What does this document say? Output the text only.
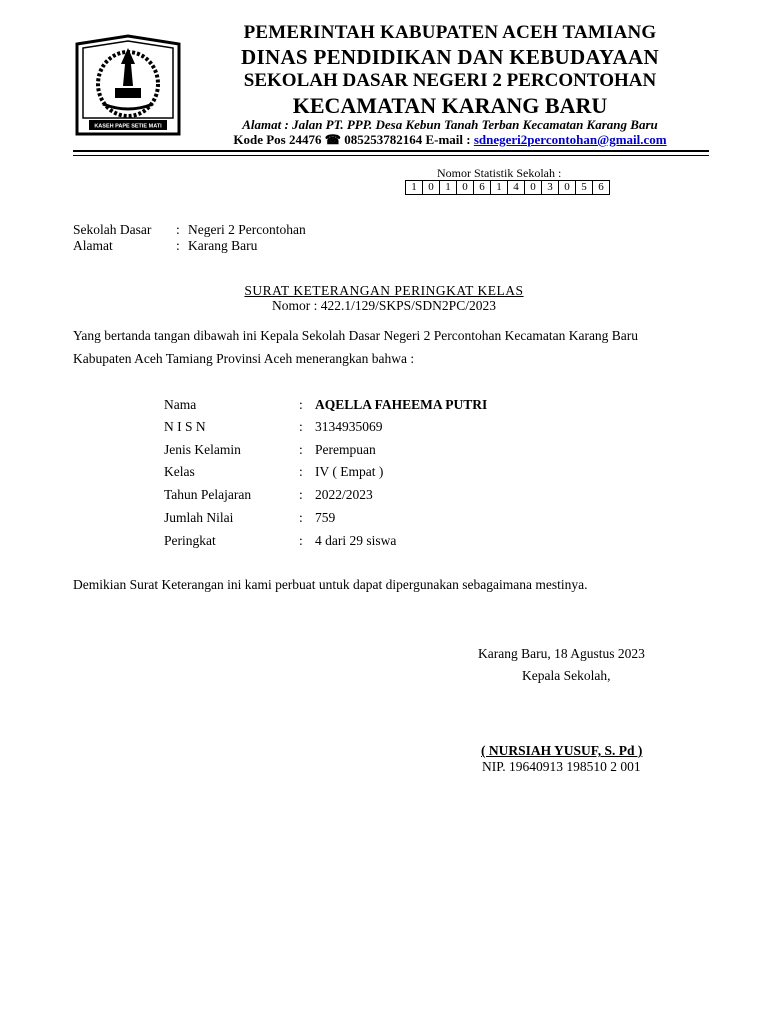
KASEH PAPE SETIE MATI
PEMERINTAH KABUPATEN ACEH TAMIANG
DINAS PENDIDIKAN DAN KEBUDAYAAN
SEKOLAH DASAR NEGERI 2 PERCONTOHAN
KECAMATAN KARANG BARU
Alamat : Jalan PT. PPP. Desa Kebun Tanah Terban Kecamatan Karang Baru
Kode Pos 24476 ☎ 085253782164 E-mail : sdnegeri2percontohan@gmail.com
Nomor Statistik Sekolah :
1	0	1	0	6	1	4	0	3	0	5	6
Sekolah Dasar : Negeri 2 Percontohan
Alamat	: Karang Baru
SURAT KETERANGAN PERINGKAT KELAS
Nomor : 422.1/129/SKPS/SDN2PC/2023
Yang bertanda tangan dibawah ini Kepala Sekolah Dasar Negeri 2 Percontohan Kecamatan Karang Baru
Kabupaten Aceh Tamiang Provinsi Aceh menerangkan bahwa :
Nama	: AQELLA FAHEEMA PUTRI
N I S N	: 3134935069
Jenis Kelamin	: Perempuan
Kelas	: IV ( Empat )
Tahun Pelajaran	: 2022/2023
Jumlah Nilai	: 759
Peringkat	: 4 dari 29 siswa
Demikian Surat Keterangan ini kami perbuat untuk dapat dipergunakan sebagaimana mestinya.
Karang Baru, 18 Agustus 2023
Kepala Sekolah,
( NURSIAH YUSUF, S. Pd )
NIP. 19640913 198510 2 001
